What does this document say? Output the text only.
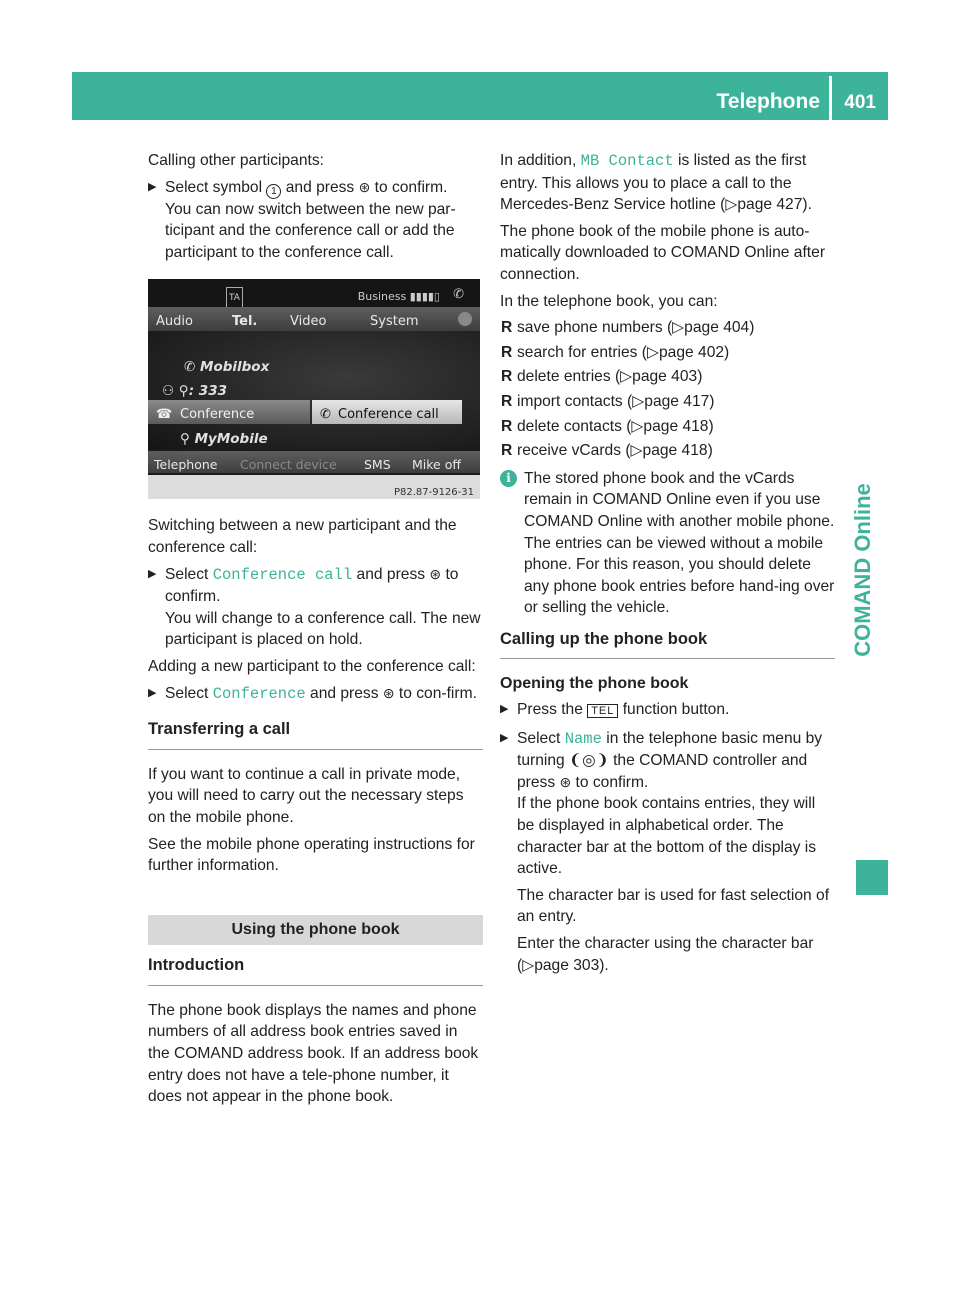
Telephone 401
COMAND Online

Calling other participants:

▶ Select symbol 1 and press ⊛ to confirm.
You can now switch between the new par-ticipant and the conference call or add the participant to the conference call.
TA	Business ▮▮▮▮▯ ✆
Audio	Tel.	Video	System
✆ Mobilbox
⚇ ⚲: 333
☎ Conference	✆ Conference call
⚲ MyMobile
Telephone Connect device SMS Mike off
P82.87-9126-31

Switching between a new participant and the conference call:

▶ Select Conference call and press ⊛ to confirm.
You will change to a conference call. The new participant is placed on hold.

Adding a new participant to the conference call:

▶ Select Conference and press ⊛ to con-firm.
Transferring a call

If you want to continue a call in private mode, you will need to carry out the necessary steps on the mobile phone.

See the mobile phone operating instructions for further information.

Using the phone book
Introduction

The phone book displays the names and phone numbers of all address book entries saved in the COMAND address book. If an address book entry does not have a tele-phone number, it does not appear in the phone book.

In addition, MB Contact is listed as the first entry. This allows you to place a call to the Mercedes-Benz Service hotline (▷page 427).

The phone book of the mobile phone is auto-matically downloaded to COMAND Online after connection.

In the telephone book, you can:

R save phone numbers (▷page 404)
R search for entries (▷page 402)
R delete entries (▷page 403)
R import contacts (▷page 417)
R delete contacts (▷page 418)
R receive vCards (▷page 418)
i The stored phone book and the vCards remain in COMAND Online even if you use COMAND Online with another mobile phone. The entries can be viewed without a mobile phone. For this reason, you should delete any phone book entries before hand-ing over or selling the vehicle.
Calling up the phone book
Opening the phone book
▶ Press the TEL function button.
▶ Select Name in the telephone basic menu by turning ❨◎❩ the COMAND controller and press ⊛ to confirm.
If the phone book contains entries, they will be displayed in alphabetical order. The character bar at the bottom of the display is active.
The character bar is used for fast selection of an entry.
Enter the character using the character bar (▷page 303).
